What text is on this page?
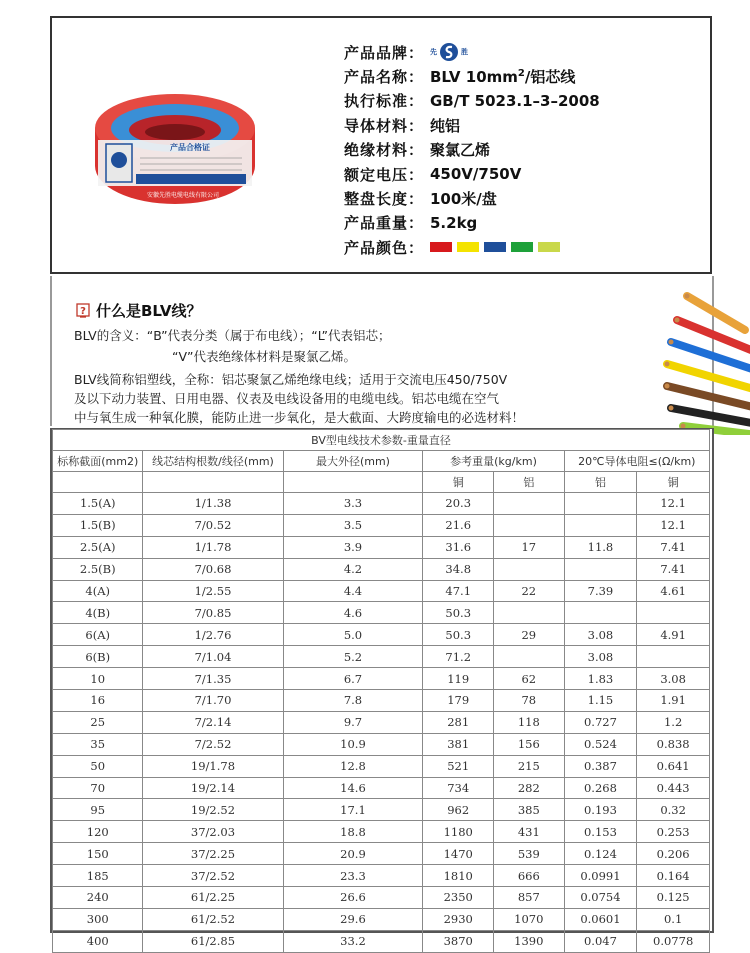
产品合格证
安徽先胜电缆电线有限公司
产品品牌： 先	胜
产品名称： BLV $10mm^2/$铝芯线
执行标准： GB/T 5023.1–3–2008
导体材料： 纯铝
绝缘材料： 聚氯乙烯
额定电压： 450V/750V
整盘长度： 100米/盘
产品重量： 5.2kg
产品颜色：
? 什么是BLV线？
BLV的含义：“B”代表分类（属于布电线）；“L”代表铝芯；
“V”代表绝缘体材料是聚氯乙烯。
BLV线简称铝塑线，全称：铝芯聚氯乙烯绝缘电线；适用于交流电压450/750V
及以下动力装置、日用电器、仪表及电线设备用的电缆电线。铝芯电缆在空气
中与氧生成一种氧化膜，能防止进一步氧化，是大截面、大跨度输电的必选材料！
BV型电线技术参数-重量直径						
标称截面(mm2)	线芯结构根数/线径(mm)	最大外径(mm)	参考重量(kg/km)		20℃导体电阻≤(Ω/km)	
			铜	铝	铝	铜
1.5(A)	1/1.38	3.3	20.3			12.1
1.5(B)	7/0.52	3.5	21.6			12.1
2.5(A)	1/1.78	3.9	31.6	17	11.8	7.41
2.5(B)	7/0.68	4.2	34.8			7.41
4(A)	1/2.55	4.4	47.1	22	7.39	4.61
4(B)	7/0.85	4.6	50.3			
6(A)	1/2.76	5.0	50.3	29	3.08	4.91
6(B)	7/1.04	5.2	71.2		3.08	
10	7/1.35	6.7	119	62	1.83	3.08
16	7/1.70	7.8	179	78	1.15	1.91
25	7/2.14	9.7	281	118	0.727	1.2
35	7/2.52	10.9	381	156	0.524	0.838
50	19/1.78	12.8	521	215	0.387	0.641
70	19/2.14	14.6	734	282	0.268	0.443
95	19/2.52	17.1	962	385	0.193	0.32
120	37/2.03	18.8	1180	431	0.153	0.253
150	37/2.25	20.9	1470	539	0.124	0.206
185	37/2.52	23.3	1810	666	0.0991	0.164
240	61/2.25	26.6	2350	857	0.0754	0.125
300	61/2.52	29.6	2930	1070	0.0601	0.1
400	61/2.85	33.2	3870	1390	0.047	0.0778
